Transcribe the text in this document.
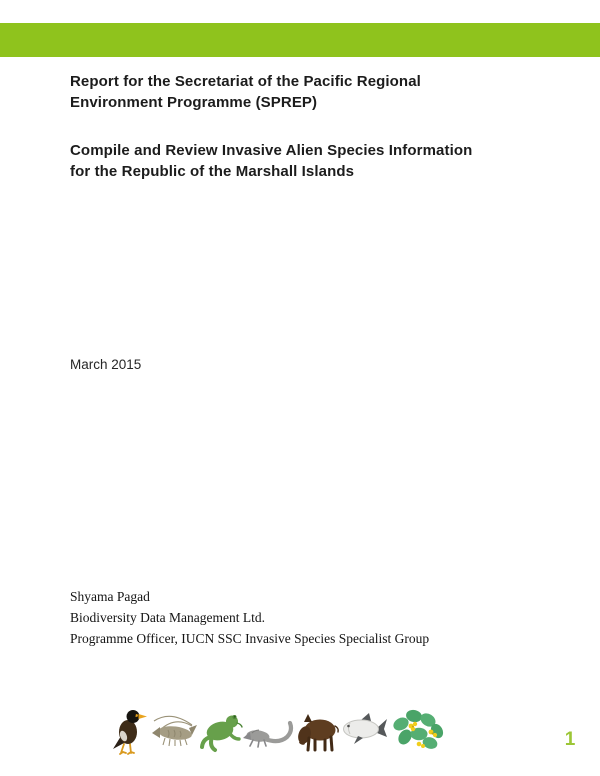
Report for the Secretariat of the Pacific Regional
Environment Programme (SPREP)
Compile and Review Invasive Alien Species Information
for the Republic of the Marshall Islands
March 2015
Shyama Pagad
Biodiversity Data Management Ltd.
Programme Officer, IUCN SSC Invasive Species Specialist Group
1
